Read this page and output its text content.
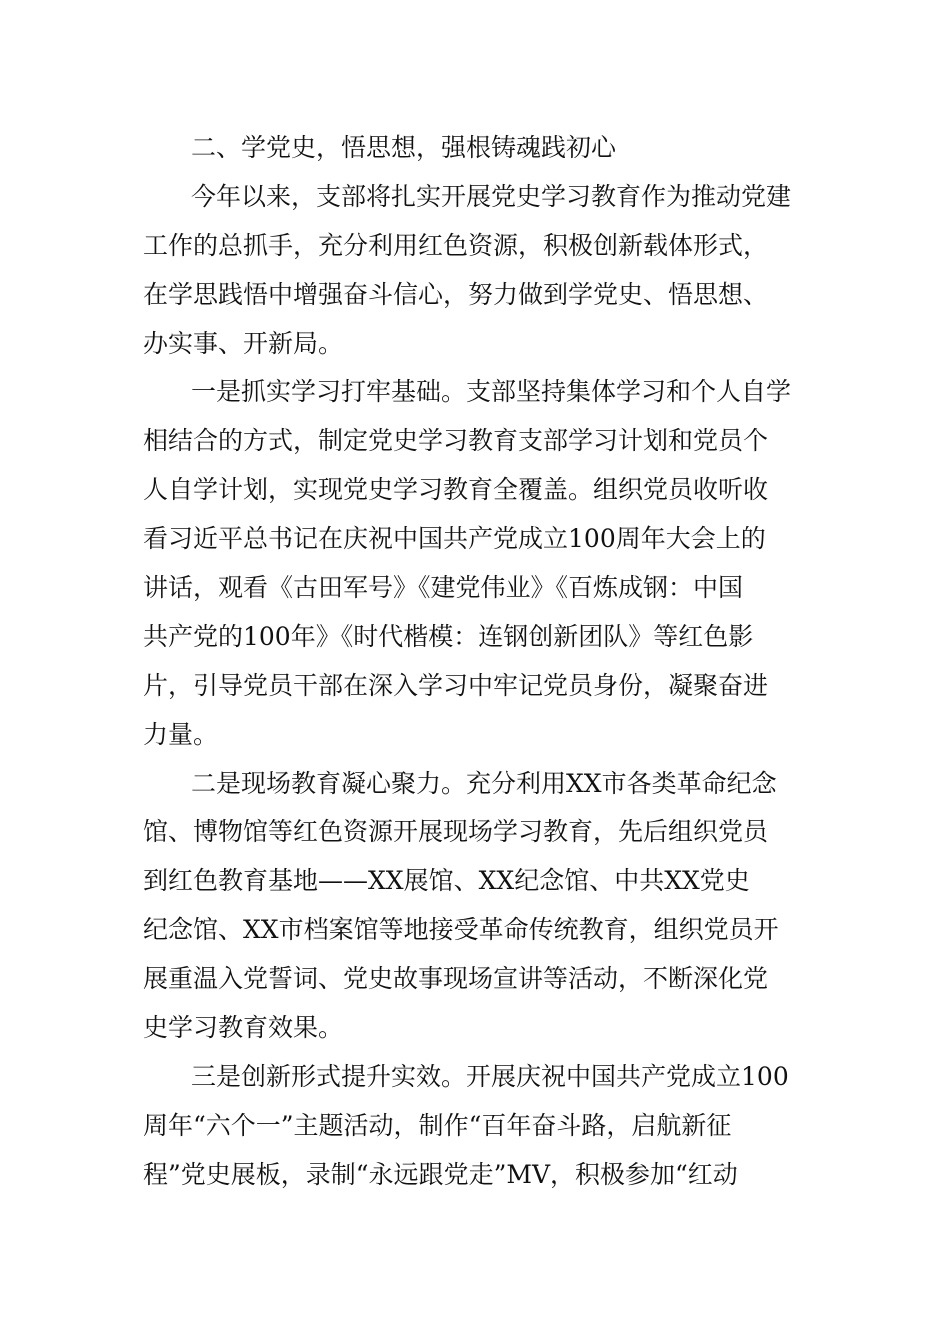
二、学党史，悟思想，强根铸魂践初心
今年以来，支部将扎实开展党史学习教育作为推动党建
工作的总抓手，充分利用红色资源，积极创新载体形式，
在学思践悟中增强奋斗信心，努力做到学党史、悟思想、
办实事、开新局。
一是抓实学习打牢基础。支部坚持集体学习和个人自学
相结合的方式，制定党史学习教育支部学习计划和党员个
人自学计划，实现党史学习教育全覆盖。组织党员收听收
看习近平总书记在庆祝中国共产党成立100周年大会上的
讲话，观看《古田军号》《建党伟业》《百炼成钢：中国
共产党的100年》《时代楷模：连钢创新团队》等红色影
片，引导党员干部在深入学习中牢记党员身份，凝聚奋进
力量。
二是现场教育凝心聚力。充分利用XX市各类革命纪念
馆、博物馆等红色资源开展现场学习教育，先后组织党员
到红色教育基地——XX展馆、XX纪念馆、中共XX党史
纪念馆、XX市档案馆等地接受革命传统教育，组织党员开
展重温入党誓词、党史故事现场宣讲等活动，不断深化党
史学习教育效果。
三是创新形式提升实效。开展庆祝中国共产党成立100
周年“六个一”主题活动，制作“百年奋斗路，启航新征
程”党史展板，录制“永远跟党走”MV，积极参加“红动
